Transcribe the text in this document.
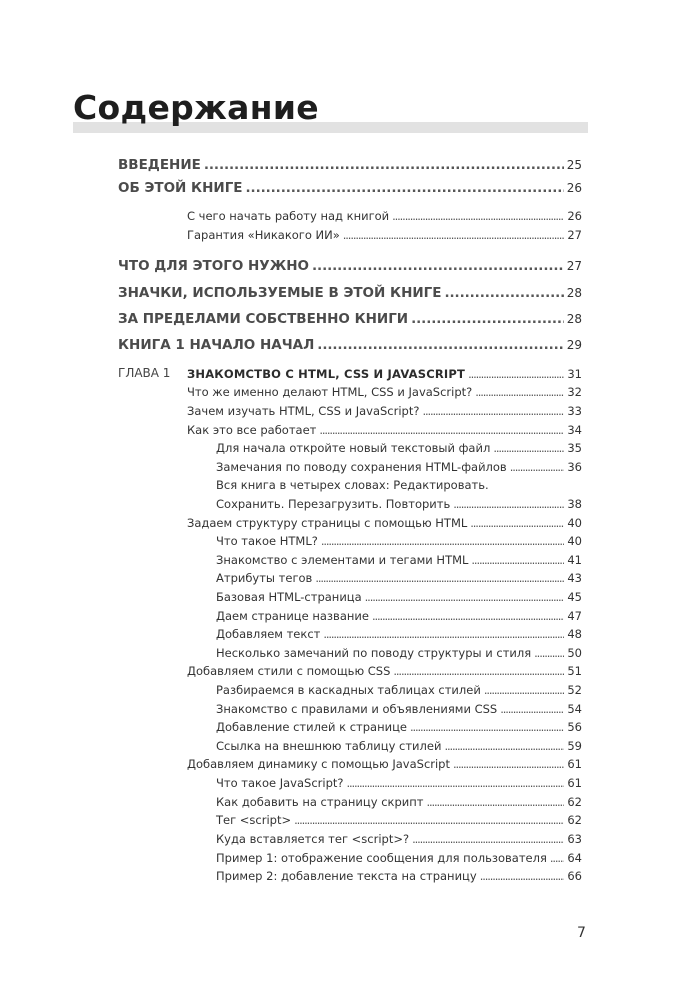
Содержание
ВВЕДЕНИЕ . . .	25
ОБ ЭТОЙ КНИГЕ . . .	26
С чего начать работу над книгой . . .	26
Гарантия «Никакого ИИ» . . .	27
ЧТО ДЛЯ ЭТОГО НУЖНО . . .	27
ЗНАЧКИ, ИСПОЛЬЗУЕМЫЕ В ЭТОЙ КНИГЕ . . .	28
ЗА ПРЕДЕЛАМИ СОБСТВЕННО КНИГИ . . .	28
КНИГА 1 НАЧАЛО НАЧАЛ . . .	29
ГЛАВА 1 ЗНАКОМСТВО С HTML, CSS И JAVASCRIPT . . .	31
Что же именно делают HTML, CSS и JavaScript? . . .	32
Зачем изучать HTML, CSS и JavaScript? . . .	33
Как это все работает . . .	34
Для начала откройте новый текстовый файл . . .	35
Замечания по поводу сохранения HTML-файлов . . .	36
Вся книга в четырех словах: Редактировать.
Сохранить. Перезагрузить. Повторить . . .	38
Задаем структуру страницы с помощью HTML . . .	40
Что такое HTML? . . .	40
Знакомство с элементами и тегами HTML . . .	41
Атрибуты тегов . . .	43
Базовая HTML-страница . . .	45
Даем странице название . . .	47
Добавляем текст . . .	48
Несколько замечаний по поводу структуры и стиля . . .	50
Добавляем стили с помощью CSS . . .	51
Разбираемся в каскадных таблицах стилей . . .	52
Знакомство с правилами и объявлениями CSS . . .	54
Добавление стилей к странице . . .	56
Ссылка на внешнюю таблицу стилей . . .	59
Добавляем динамику с помощью JavaScript . . .	61
Что такое JavaScript? . . .	61
Как добавить на страницу скрипт . . .	62
Тег <script> . . .	62
Куда вставляется тег <script>? . . .	63
Пример 1: отображение сообщения для пользователя . . . 64
Пример 2: добавление текста на страницу . . .	66
7
